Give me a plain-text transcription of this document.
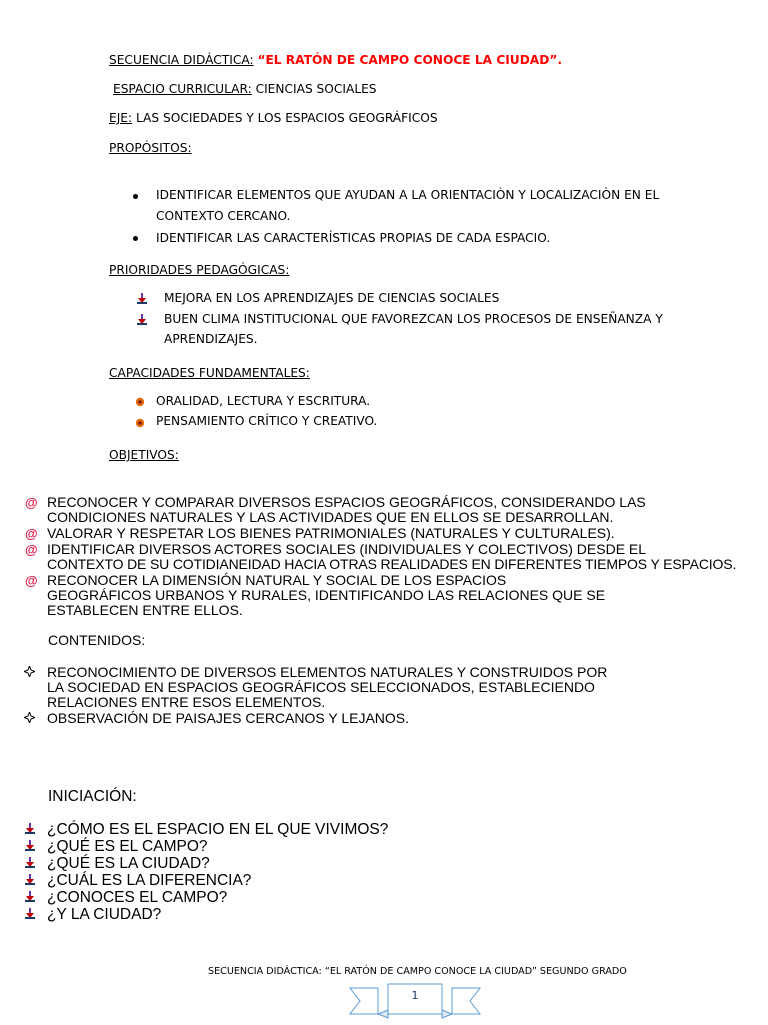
SECUENCIA DIDÁCTICA: “EL RATÓN DE CAMPO CONOCE LA CIUDAD”.
ESPACIO CURRICULAR: CIENCIAS SOCIALES
EJE: LAS SOCIEDADES Y LOS ESPACIOS GEOGRÁFICOS
PROPÓSITOS:
IDENTIFICAR ELEMENTOS QUE AYUDAN A LA ORIENTACIÒN Y LOCALIZACIÒN EN EL
CONTEXTO CERCANO.
IDENTIFICAR LAS CARACTERÍSTICAS PROPIAS DE CADA ESPACIO.
PRIORIDADES PEDAGÓGICAS:
MEJORA EN LOS APRENDIZAJES DE CIENCIAS SOCIALES
BUEN CLIMA INSTITUCIONAL QUE FAVOREZCAN LOS PROCESOS DE ENSEÑANZA Y
APRENDIZAJES.
CAPACIDADES FUNDAMENTALES:
ORALIDAD, LECTURA Y ESCRITURA.
PENSAMIENTO CRÍTICO Y CREATIVO.
OBJETIVOS:
@ RECONOCER Y COMPARAR DIVERSOS ESPACIOS GEOGRÁFICOS, CONSIDERANDO LAS
CONDICIONES NATURALES Y LAS ACTIVIDADES QUE EN ELLOS SE DESARROLLAN.
@ VALORAR Y RESPETAR LOS BIENES PATRIMONIALES (NATURALES Y CULTURALES).
@ IDENTIFICAR DIVERSOS ACTORES SOCIALES (INDIVIDUALES Y COLECTIVOS) DESDE EL
CONTEXTO DE SU COTIDIANEIDAD HACIA OTRAS REALIDADES EN DIFERENTES TIEMPOS Y ESPACIOS.
@ RECONOCER LA DIMENSIÓN NATURAL Y SOCIAL DE LOS ESPACIOS
GEOGRÁFICOS URBANOS Y RURALES, IDENTIFICANDO LAS RELACIONES QUE SE
ESTABLECEN ENTRE ELLOS.
CONTENIDOS:
RECONOCIMIENTO DE DIVERSOS ELEMENTOS NATURALES Y CONSTRUIDOS POR
LA SOCIEDAD EN ESPACIOS GEOGRÁFICOS SELECCIONADOS, ESTABLECIENDO
RELACIONES ENTRE ESOS ELEMENTOS.
OBSERVACIÓN DE PAISAJES CERCANOS Y LEJANOS.
INICIACIÓN:
¿CÓMO ES EL ESPACIO EN EL QUE VIVIMOS?
¿QUÉ ES EL CAMPO?
¿QUÉ ES LA CIUDAD?
¿CUÁL ES LA DIFERENCIA?
¿CONOCES EL CAMPO?
¿Y LA CIUDAD?
SECUENCIA DIDÁCTICA: “EL RATÓN DE CAMPO CONOCE LA CIUDAD” SEGUNDO GRADO
1
